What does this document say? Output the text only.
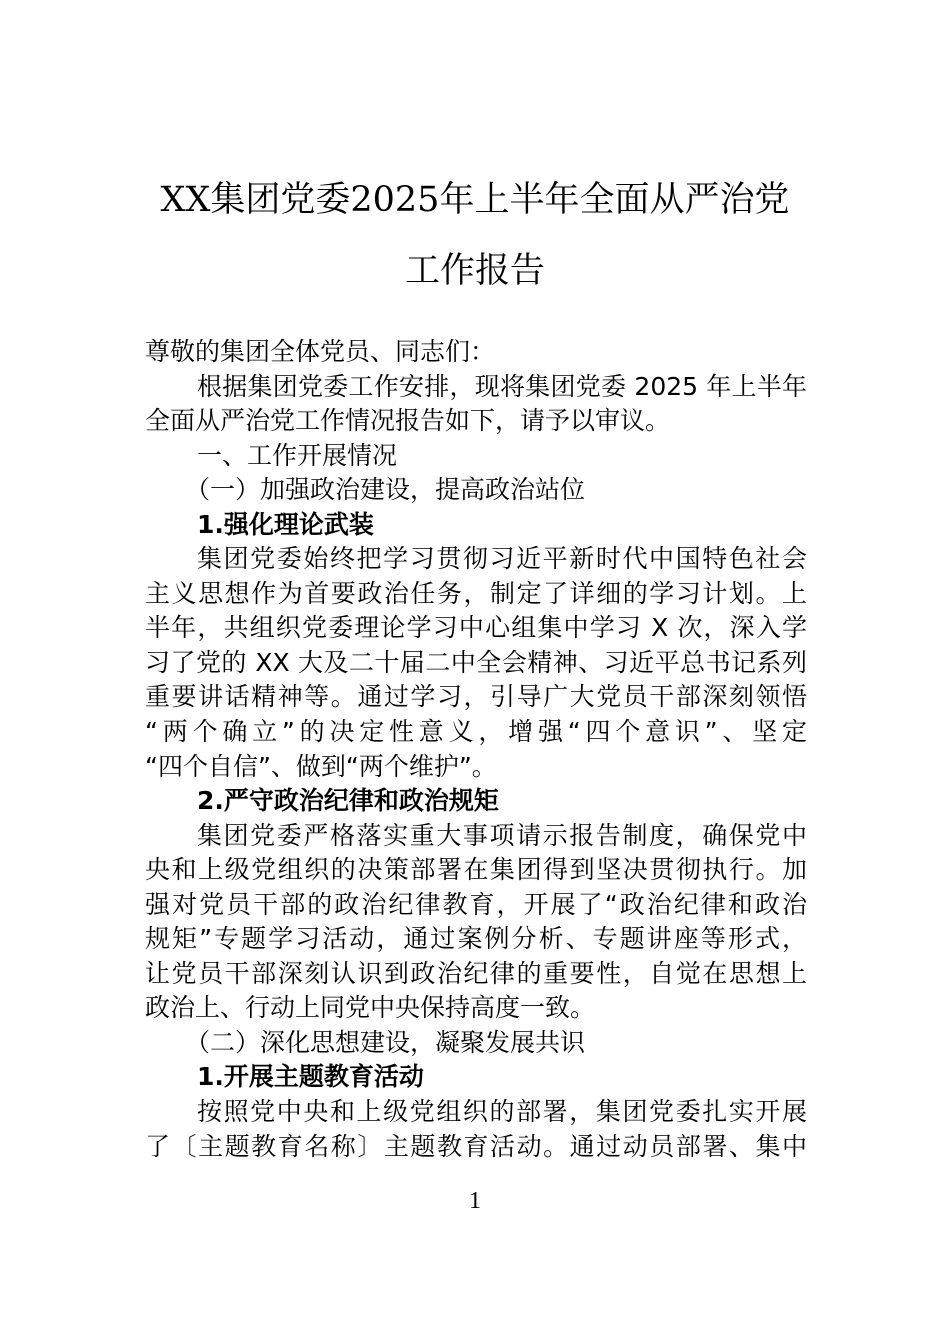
XX集团党委2025年上半年全面从严治党
工作报告
尊敬的集团全体党员、同志们：
根据集团党委工作安排，现将集团党委 2025 年上半年
全面从严治党工作情况报告如下，请予以审议。
一、工作开展情况
（一）加强政治建设，提高政治站位
1.强化理论武装
集团党委始终把学习贯彻习近平新时代中国特色社会
主义思想作为首要政治任务，制定了详细的学习计划。上
半年，共组织党委理论学习中心组集中学习 X 次，深入学
习了党的 XX 大及二十届二中全会精神、习近平总书记系列
重要讲话精神等。通过学习，引导广大党员干部深刻领悟
“两个确立”的决定性意义，增强“四个意识”、坚定
“四个自信”、做到“两个维护”。
2.严守政治纪律和政治规矩
集团党委严格落实重大事项请示报告制度，确保党中
央和上级党组织的决策部署在集团得到坚决贯彻执行。加
强对党员干部的政治纪律教育，开展了“政治纪律和政治
规矩”专题学习活动，通过案例分析、专题讲座等形式，
让党员干部深刻认识到政治纪律的重要性，自觉在思想上
政治上、行动上同党中央保持高度一致。
（二）深化思想建设，凝聚发展共识
1.开展主题教育活动
按照党中央和上级党组织的部署，集团党委扎实开展
了〔主题教育名称〕主题教育活动。通过动员部署、集中
1
